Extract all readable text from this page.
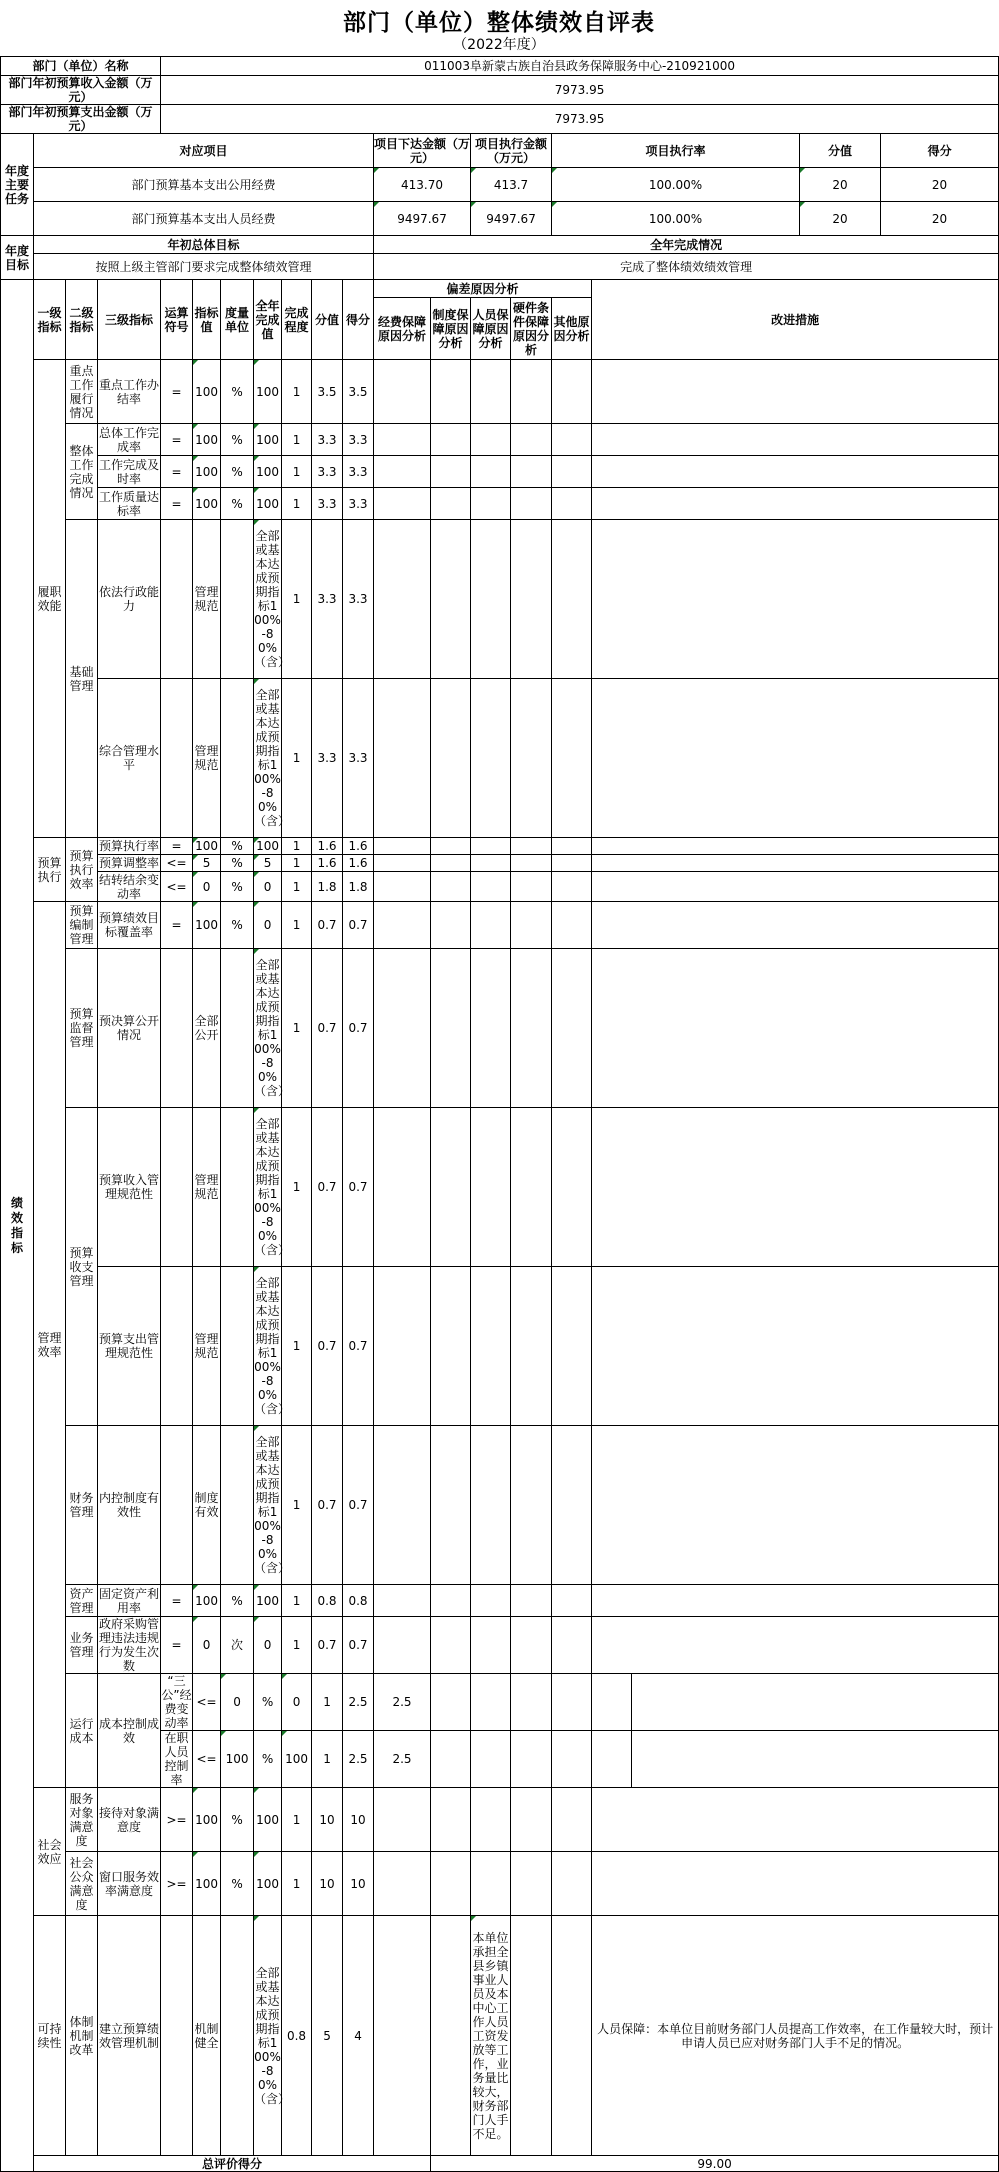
部门（单位）整体绩效自评表
（2022年度）
部门（单位）名称				011003阜新蒙古族自治县政务保障服务中心-210921000															
部门年初预算收入金额（万元）				7973.95															
部门年初预算支出金额（万元）				7973.95															
年度主要任务	对应项目										项目下达金额（万元）		项目执行金额（万元）		项目执行率			分值	得分
	部门预算基本支出公用经费										413.70		413.7		100.00%			20	20
	部门预算基本支出人员经费										9497.67		9497.67		100.00%			20	20
年度目标	年初总体目标										全年完成情况								
	按照上级主管部门要求完成整体绩效管理										完成了整体绩效绩效管理								
绩效指标	一级指标	二级指标	三级指标	运算符号	指标值	度量单位	全年完成值	完成程度	分值	得分	偏差原因分析					改进措施			
											经费保障原因分析	制度保障原因分析	人员保障原因分析	硬件条件保障原因分析	其他原因分析				
	履职效能	重点工作履行情况	重点工作办结率	=	100	%	100	1	3.5	3.5									
		整体工作完成情况	总体工作完成率	=	100	%	100	1	3.3	3.3									
			工作完成及时率	=	100	%	100	1	3.3	3.3									
			工作质量达标率	=	100	%	100	1	3.3	3.3									
		基础管理	依法行政能力		管理规范		全部或基本达成预期指标100%-80%（含）	1	3.3	3.3									
			综合管理水平		管理规范		全部或基本达成预期指标100%-80%（含）	1	3.3	3.3									
	预算执行	预算执行效率	预算执行率	=	100	%	100	1	1.6	1.6									
			预算调整率	<=	5	%	5	1	1.6	1.6									
			结转结余变动率	<=	0	%	0	1	1.8	1.8									
	管理效率	预算编制管理	预算绩效目标覆盖率	=	100	%	0	1	0.7	0.7									
		预算监督管理	预决算公开情况		全部公开		全部或基本达成预期指标100%-80%（含）	1	0.7	0.7									
		预算收支管理	预算收入管理规范性		管理规范		全部或基本达成预期指标100%-80%（含）	1	0.7	0.7									
			预算支出管理规范性		管理规范		全部或基本达成预期指标100%-80%（含）	1	0.7	0.7									
		财务管理	内控制度有效性		制度有效		全部或基本达成预期指标100%-80%（含）	1	0.7	0.7									
		资产管理	固定资产利用率	=	100	%	100	1	0.8	0.8									
		业务管理	政府采购管理违法违规行为发生次数	=	0	次	0	1	0.7	0.7									
		运行成本	成本控制成效	“三公”经费变动率	<=	0	%	0	1	2.5	2.5								
				在职人员控制率	<=	100	%	100	1	2.5	2.5								
	社会效应	服务对象满意度	接待对象满意度	>=	100	%	100	1	10	10									
		社会公众满意度	窗口服务效率满意度	>=	100	%	100	1	10	10									
	可持续性	体制机制改革	建立预算绩效管理机制		机制健全		全部或基本达成预期指标100%-80%（含）	0.8	5	4			本单位承担全县乡镇事业人员及本中心工作人员工资发放等工作，业务量比较大，财务部门人手不足。			人员保障：本单位目前财务部门人员提高工作效率，在工作量较大时，预计申请人员已应对财务部门人手不足的情况。			
	总评价得分											99.00							
